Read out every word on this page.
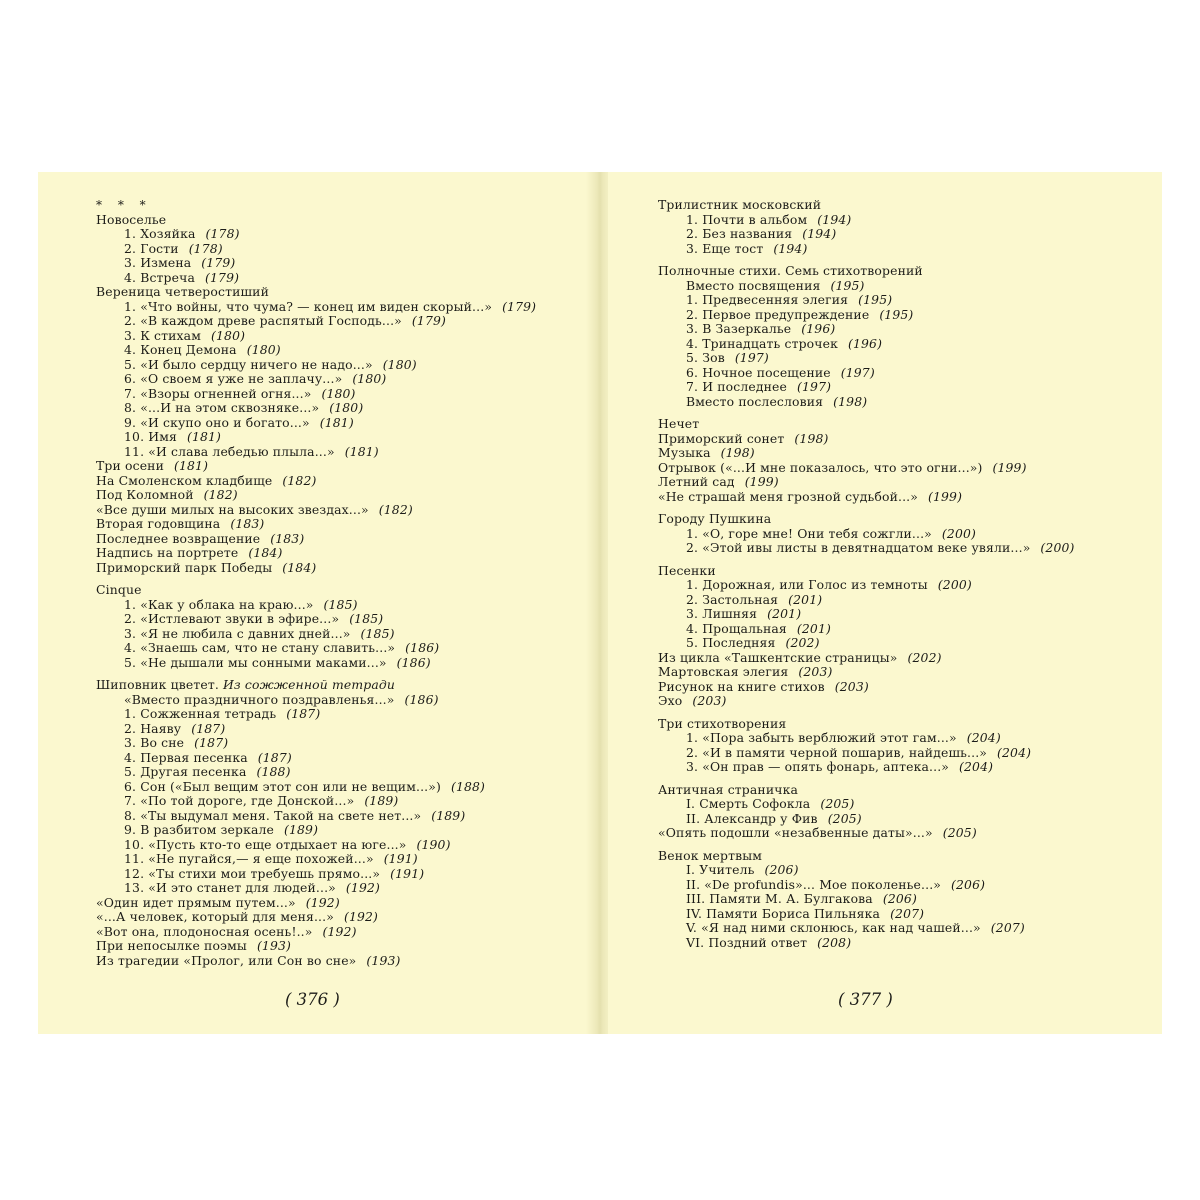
* * *
Новоселье
1. Хозяйка (178)
2. Гости (178)
3. Измена (179)
4. Встреча (179)
Вереница четверостиший
1. «Что войны, что чума? — конец им виден скорый...» (179)
2. «В каждом древе распятый Господь...» (179)
3. К стихам (180)
4. Конец Демона (180)
5. «И было сердцу ничего не надо...» (180)
6. «О своем я уже не заплачу...» (180)
7. «Взоры огненней огня...» (180)
8. «...И на этом сквозняке...» (180)
9. «И скупо оно и богато...» (181)
10. Имя (181)
11. «И слава лебедью плыла...» (181)
Три осени (181)
На Смоленском кладбище (182)
Под Коломной (182)
«Все души милых на высоких звездах...» (182)
Вторая годовщина (183)
Последнее возвращение (183)
Надпись на портрете (184)
Приморский парк Победы (184)
Cinque
1. «Как у облака на краю...» (185)
2. «Истлевают звуки в эфире...» (185)
3. «Я не любила с давних дней...» (185)
4. «Знаешь сам, что не стану славить...» (186)
5. «Не дышали мы сонными маками...» (186)
Шиповник цветет. Из сожженной тетради
«Вместо праздничного поздравленья...» (186)
1. Сожженная тетрадь (187)
2. Наяву (187)
3. Во сне (187)
4. Первая песенка (187)
5. Другая песенка (188)
6. Сон («Был вещим этот сон или не вещим...») (188)
7. «По той дороге, где Донской...» (189)
8. «Ты выдумал меня. Такой на свете нет...» (189)
9. В разбитом зеркале (189)
10. «Пусть кто-то еще отдыхает на юге...» (190)
11. «Не пугайся,— я еще похожей...» (191)
12. «Ты стихи мои требуешь прямо...» (191)
13. «И это станет для людей...» (192)
«Один идет прямым путем...» (192)
«...А человек, который для меня...» (192)
«Вот она, плодоносная осень!..» (192)
При непосылке поэмы (193)
Из трагедии «Пролог, или Сон во сне» (193)
( 376 )
Трилистник московский
1. Почти в альбом (194)
2. Без названия (194)
3. Еще тост (194)
Полночные стихи. Семь стихотворений
Вместо посвящения (195)
1. Предвесенняя элегия (195)
2. Первое предупреждение (195)
3. В Зазеркалье (196)
4. Тринадцать строчек (196)
5. Зов (197)
6. Ночное посещение (197)
7. И последнее (197)
Вместо послесловия (198)
Нечет
Приморский сонет (198)
Музыка (198)
Отрывок («...И мне показалось, что это огни...») (199)
Летний сад (199)
«Не страшай меня грозной судьбой...» (199)
Городу Пушкина
1. «О, горе мне! Они тебя сожгли...» (200)
2. «Этой ивы листы в девятнадцатом веке увяли...» (200)
Песенки
1. Дорожная, или Голос из темноты (200)
2. Застольная (201)
3. Лишняя (201)
4. Прощальная (201)
5. Последняя (202)
Из цикла «Ташкентские страницы» (202)
Мартовская элегия (203)
Рисунок на книге стихов (203)
Эхо (203)
Три стихотворения
1. «Пора забыть верблюжий этот гам...» (204)
2. «И в памяти черной пошарив, найдешь...» (204)
3. «Он прав — опять фонарь, аптека...» (204)
Античная страничка
I. Смерть Софокла (205)
II. Александр у Фив (205)
«Опять подошли «незабвенные даты»...» (205)
Венок мертвым
I. Учитель (206)
II. «De profundis»... Мое поколенье...» (206)
III. Памяти М. А. Булгакова (206)
IV. Памяти Бориса Пильняка (207)
V. «Я над ними склонюсь, как над чашей...» (207)
VI. Поздний ответ (208)
( 377 )
